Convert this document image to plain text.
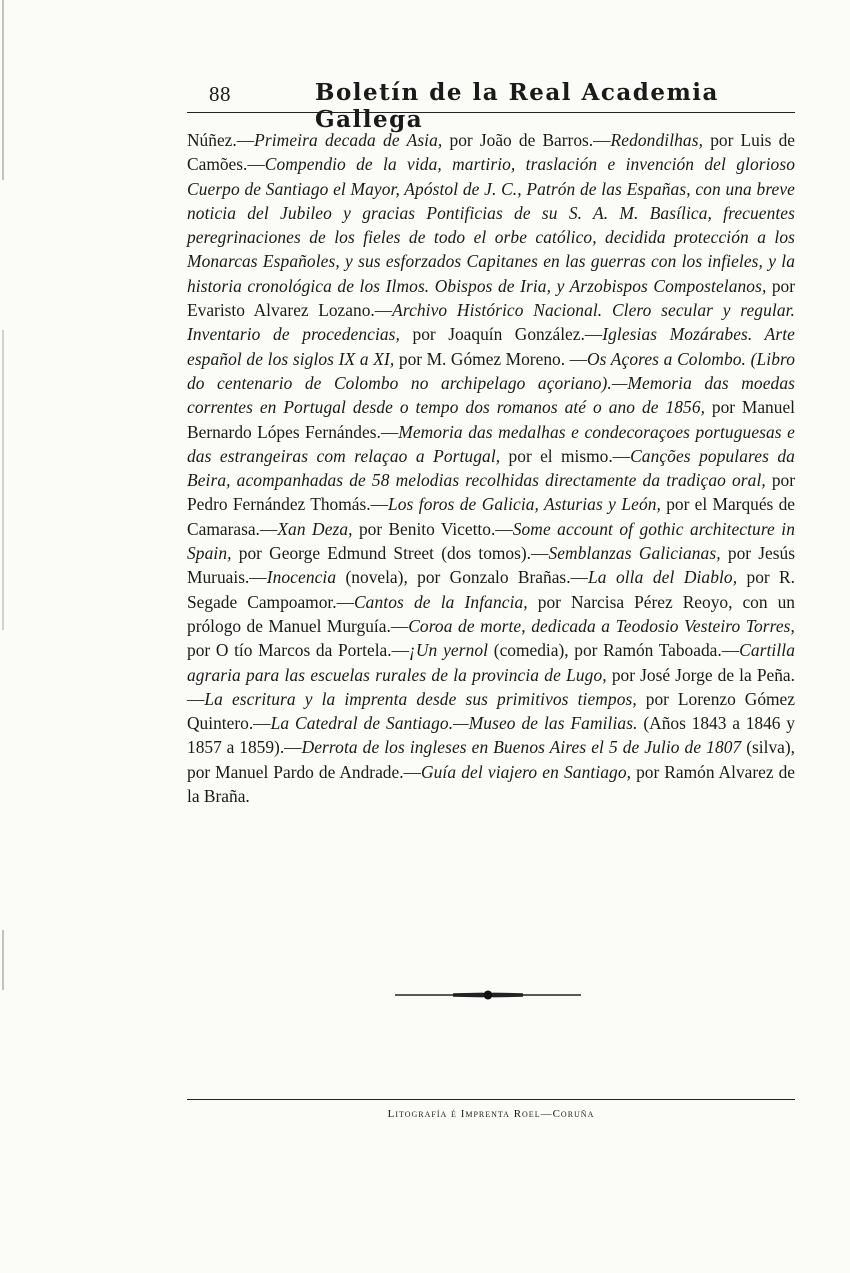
88	Boletín de la Real Academia Gallega
Núñez.—Primeira decada de Asia, por João de Barros.—Redondilhas, por Luis de Camões.—Compendio de la vida, martirio, traslación e invención del glorioso Cuerpo de Santiago el Mayor, Apóstol de J. C., Patrón de las Españas, con una breve noticia del Jubileo y gracias Pontificias de su S. A. M. Basílica, frecuentes peregrinaciones de los fieles de todo el orbe católico, decidida protección a los Monarcas Españoles, y sus esforzados Capitanes en las guerras con los infieles, y la historia cronológica de los Ilmos. Obispos de Iria, y Arzobispos Compostelanos, por Evaristo Alvarez Lozano.—Archivo Histórico Nacional. Clero secular y regular. Inventario de procedencias, por Joaquín González.—Iglesias Mozárabes. Arte español de los siglos IX a XI, por M. Gómez Moreno. —Os Açores a Colombo. (Libro do centenario de Colombo no archipelago açoriano).—Memoria das moedas correntes en Portugal desde o tempo dos romanos até o ano de 1856, por Manuel Bernardo Lópes Fernándes.—Memoria das medalhas e condecoraçoes portuguesas e das estrangeiras com relaçao a Portugal, por el mismo.—Canções populares da Beira, acompanhadas de 58 melodias recolhidas directamente da tradiçao oral, por Pedro Fernández Thomás.—Los foros de Galicia, Asturias y León, por el Marqués de Camarasa.—Xan Deza, por Benito Vicetto.—Some account of gothic architecture in Spain, por George Edmund Street (dos tomos).—Semblanzas Galicianas, por Jesús Muruais.—Inocencia (novela), por Gonzalo Brañas.—La olla del Diablo, por R. Segade Campoamor.—Cantos de la Infancia, por Narcisa Pérez Reoyo, con un prólogo de Manuel Murguía.—Coroa de morte, dedicada a Teodosio Vesteiro Torres, por O tío Marcos da Portela.—¡Un yernol (comedia), por Ramón Taboada.—Cartilla agraria para las escuelas rurales de la provincia de Lugo, por José Jorge de la Peña.—La escritura y la imprenta desde sus primitivos tiempos, por Lorenzo Gómez Quintero.—La Catedral de Santiago.—Museo de las Familias. (Años 1843 a 1846 y 1857 a 1859).—Derrota de los ingleses en Buenos Aires el 5 de Julio de 1807 (silva), por Manuel Pardo de Andrade.—Guía del viajero en Santiago, por Ramón Alvarez de la Braña.
Litografía é Imprenta Roel—Coruña
